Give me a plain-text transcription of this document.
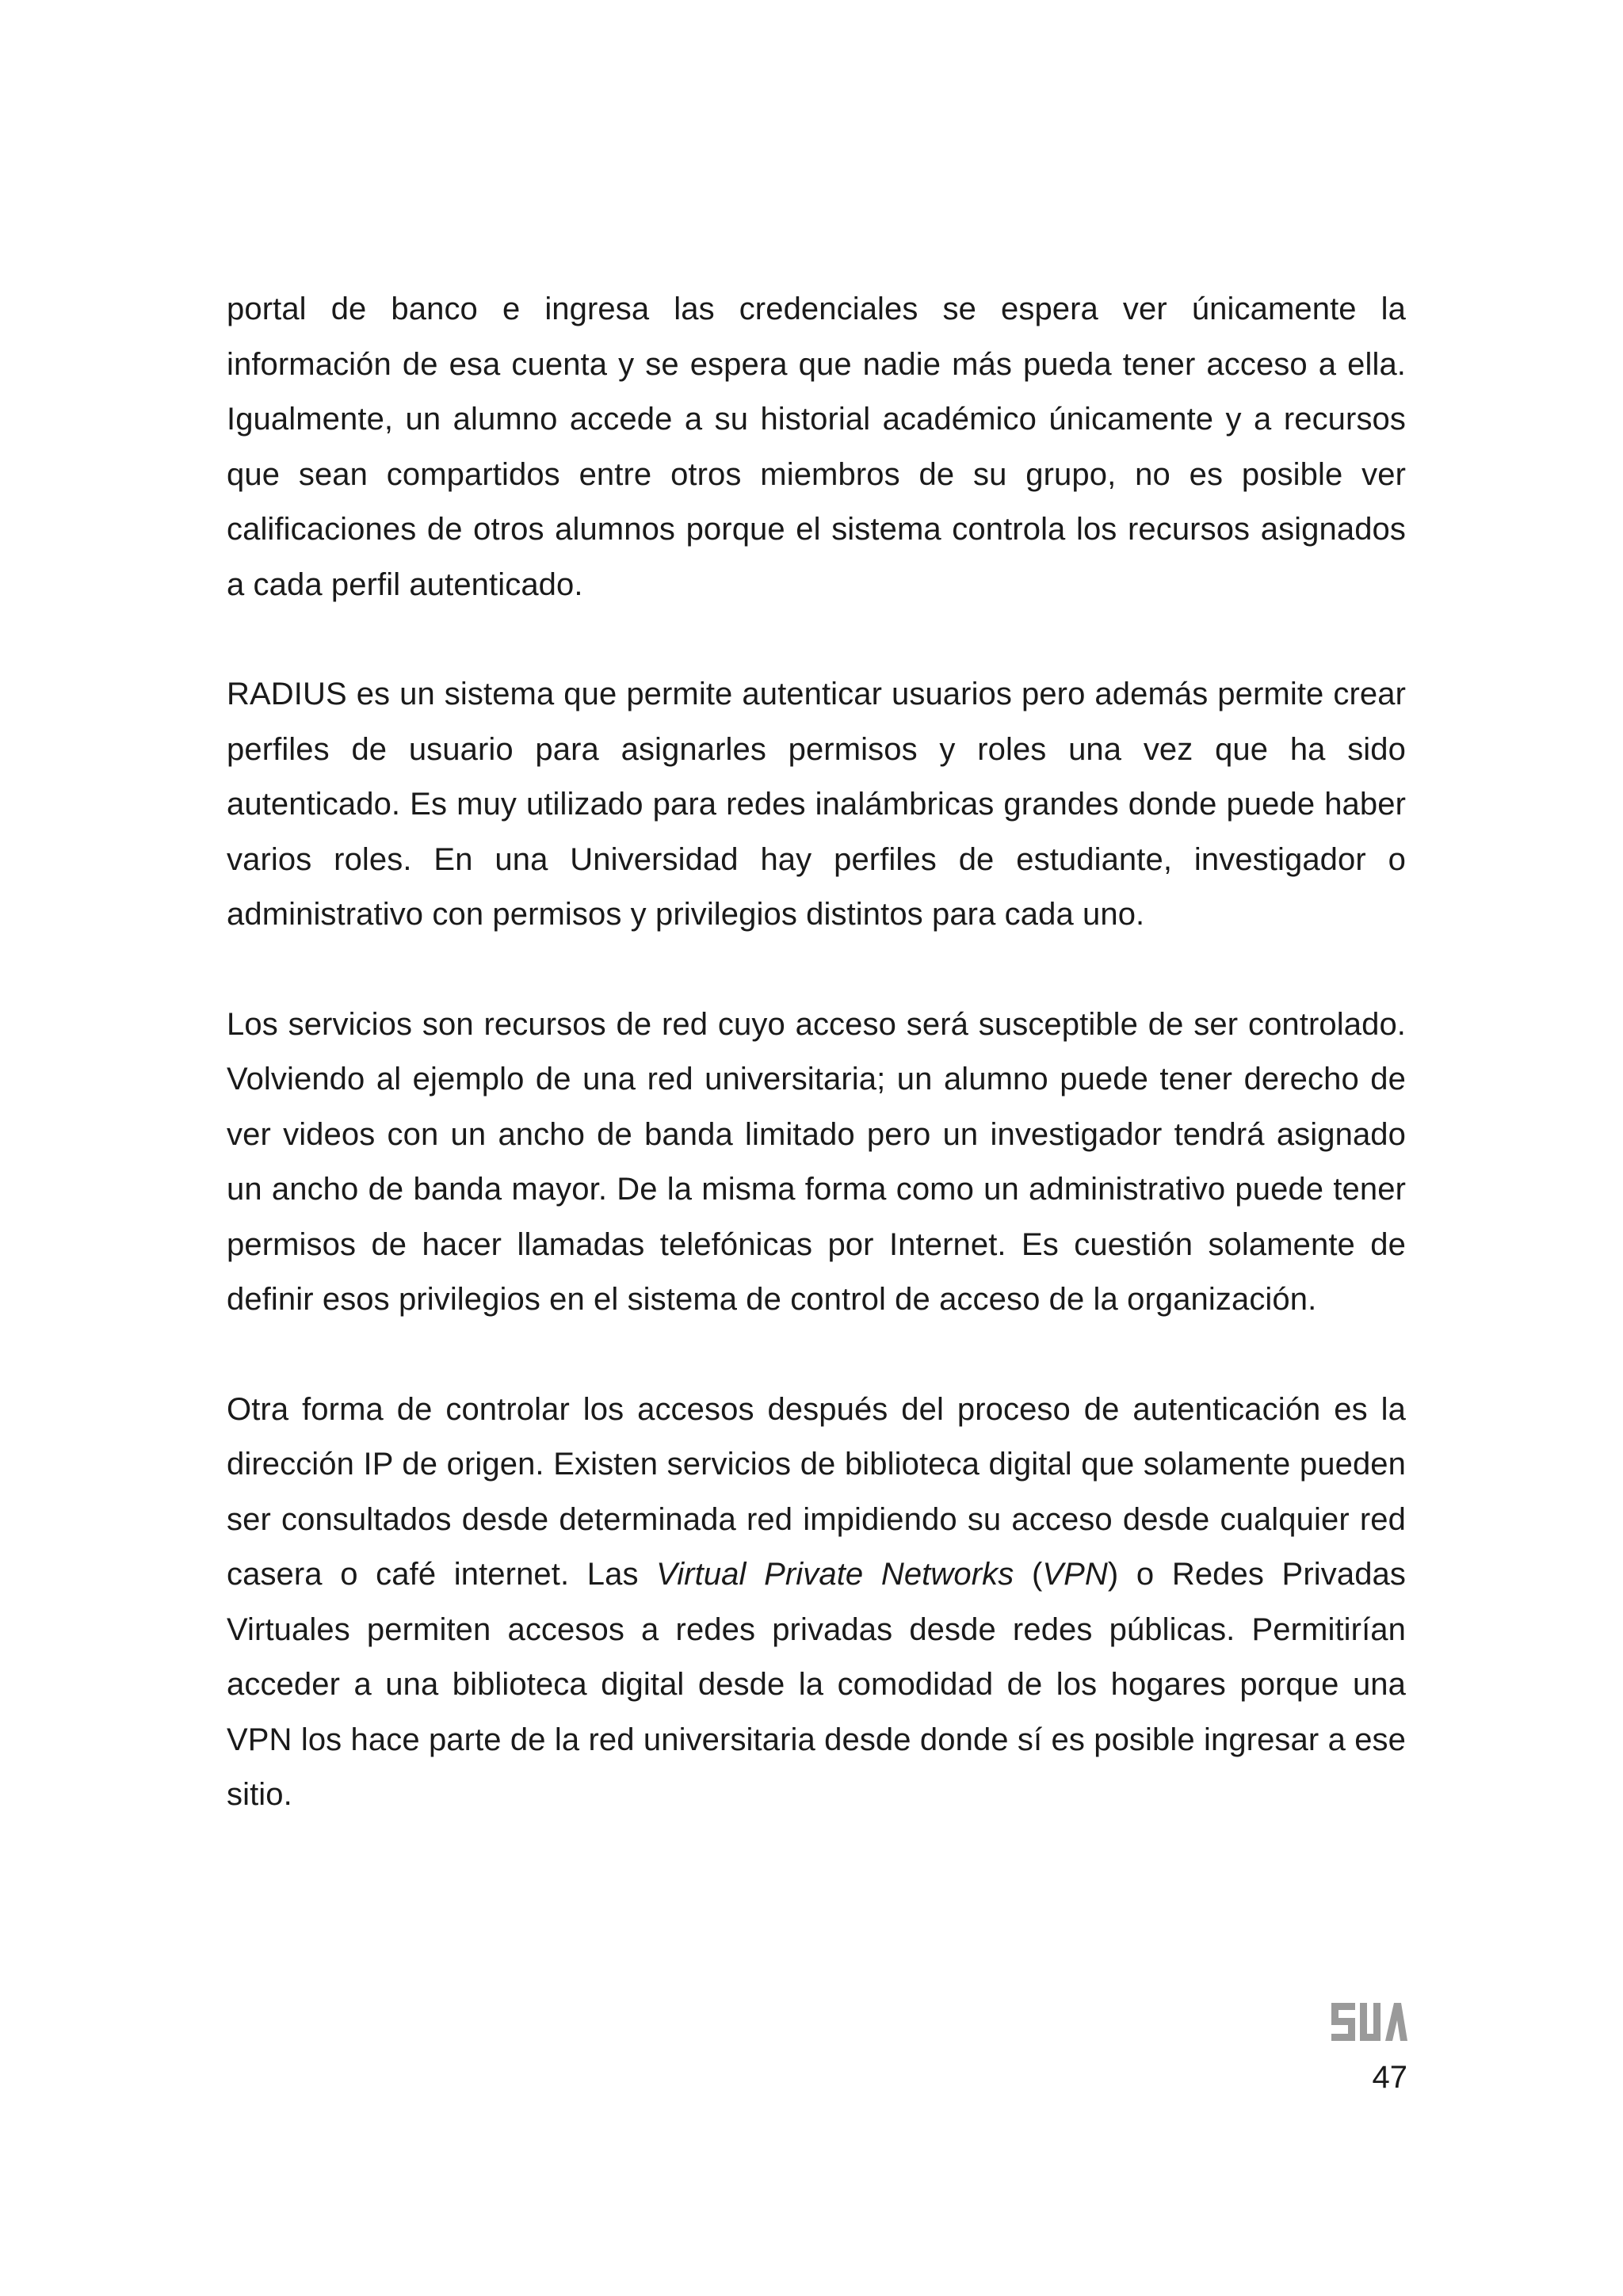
portal de banco e ingresa las credenciales se espera ver únicamente la información de esa cuenta y se espera que nadie más pueda tener acceso a ella. Igualmente, un alumno accede a su historial académico únicamente y a recursos que sean compartidos entre otros miembros de su grupo, no es posible ver calificaciones de otros alumnos porque el sistema controla los recursos asignados a cada perfil autenticado.

RADIUS es un sistema que permite autenticar usuarios pero además permite crear perfiles de usuario para asignarles permisos y roles una vez que ha sido autenticado. Es muy utilizado para redes inalámbricas grandes donde puede haber varios roles. En una Universidad hay perfiles de estudiante, investigador o administrativo con permisos y privilegios distintos para cada uno.

Los servicios son recursos de red cuyo acceso será susceptible de ser controlado. Volviendo al ejemplo de una red universitaria; un alumno puede tener derecho de ver videos con un ancho de banda limitado pero un investigador tendrá asignado un ancho de banda mayor. De la misma forma como un administrativo puede tener permisos de hacer llamadas telefónicas por Internet. Es cuestión solamente de definir esos privilegios en el sistema de control de acceso de la organización.

Otra forma de controlar los accesos después del proceso de autenticación es la dirección IP de origen. Existen servicios de biblioteca digital que solamente pueden ser consultados desde determinada red impidiendo su acceso desde cualquier red casera o café internet. Las Virtual Private Networks (VPN) o Redes Privadas Virtuales permiten accesos a redes privadas desde redes públicas. Permitirían acceder a una biblioteca digital desde la comodidad de los hogares porque una VPN los hace parte de la red universitaria desde donde sí es posible ingresar a ese sitio.

47
